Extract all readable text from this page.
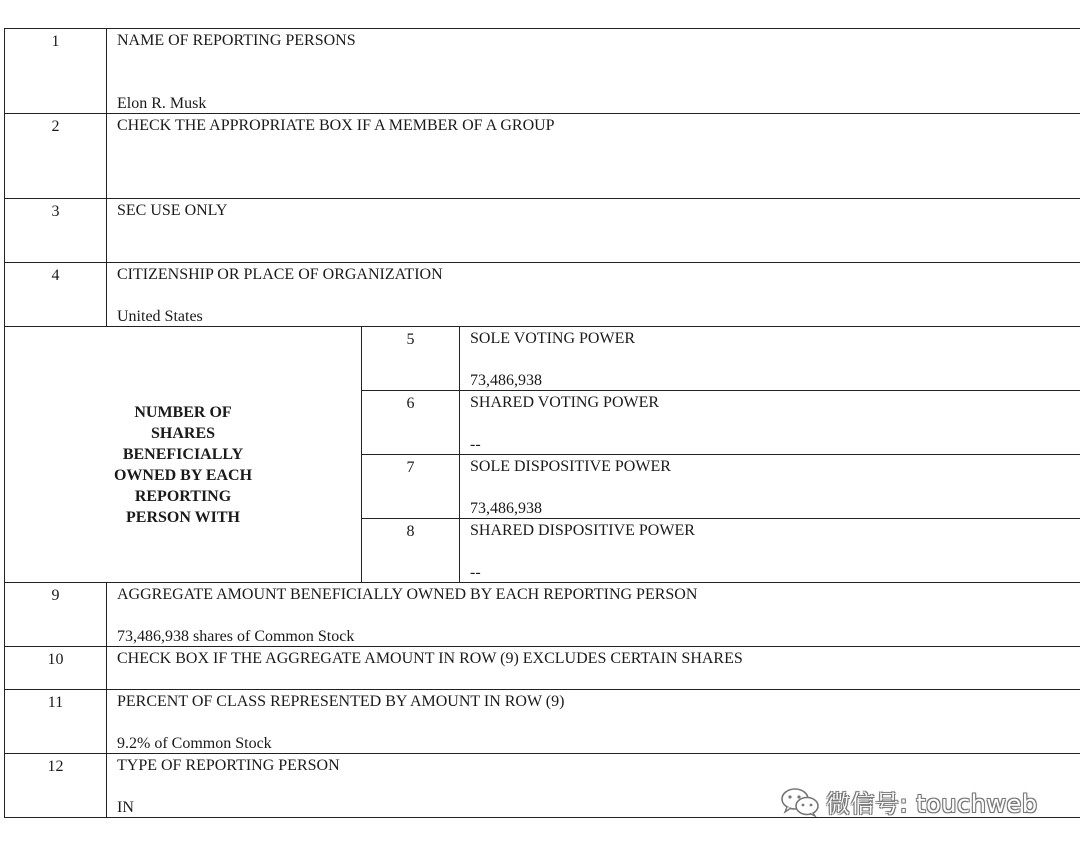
1	NAME OF REPORTING PERSONS
Elon R. Musk		

2	CHECK THE APPROPRIATE BOX IF A MEMBER OF A GROUP		

3	SEC USE ONLY		

4	CITIZENSHIP OR PLACE OF ORGANIZATION
United States		

NUMBER OF SHARES BENEFICIALLY OWNED BY EACH REPORTING PERSON WITH		5	SOLE VOTING POWER
73,486,938

		6	SHARED VOTING POWER
--

		7	SOLE DISPOSITIVE POWER
73,486,938

		8	SHARED DISPOSITIVE POWER
--

9	AGGREGATE AMOUNT BENEFICIALLY OWNED BY EACH REPORTING PERSON
73,486,938 shares of Common Stock		

10	CHECK BOX IF THE AGGREGATE AMOUNT IN ROW (9) EXCLUDES CERTAIN SHARES		

11	PERCENT OF CLASS REPRESENTED BY AMOUNT IN ROW (9)
9.2% of Common Stock		

12	TYPE OF REPORTING PERSON
IN			微信号: touchweb
